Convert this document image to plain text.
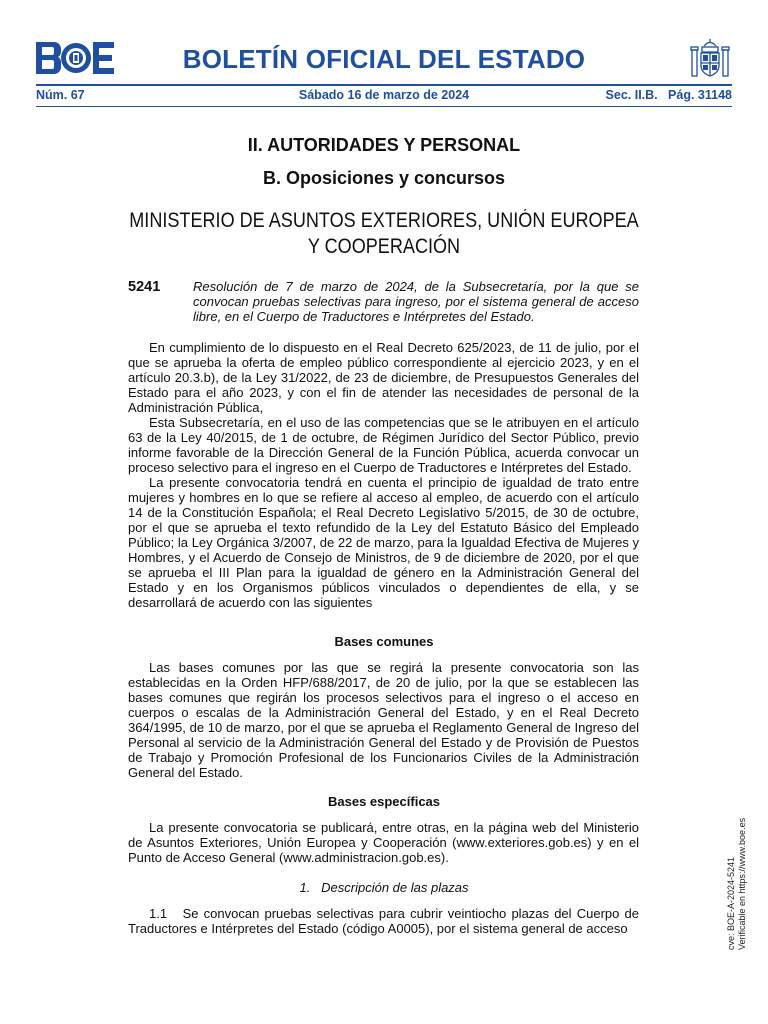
BOLETÍN OFICIAL DEL ESTADO
Núm. 67	Sábado 16 de marzo de 2024	Sec. II.B.   Pág. 31148
II. AUTORIDADES Y PERSONAL
B. Oposiciones y concursos
MINISTERIO DE ASUNTOS EXTERIORES, UNIÓN EUROPEA
Y COOPERACIÓN
5241	Resolución de 7 de marzo de 2024, de la Subsecretaría, por la que se convocan pruebas selectivas para ingreso, por el sistema general de acceso libre, en el Cuerpo de Traductores e Intérpretes del Estado.

En cumplimiento de lo dispuesto en el Real Decreto 625/2023, de 11 de julio, por el que se aprueba la oferta de empleo público correspondiente al ejercicio 2023, y en el artículo 20.3.b), de la Ley 31/2022, de 23 de diciembre, de Presupuestos Generales del Estado para el año 2023, y con el fin de atender las necesidades de personal de la Administración Pública,

Esta Subsecretaría, en el uso de las competencias que se le atribuyen en el artículo 63 de la Ley 40/2015, de 1 de octubre, de Régimen Jurídico del Sector Público, previo informe favorable de la Dirección General de la Función Pública, acuerda convocar un proceso selectivo para el ingreso en el Cuerpo de Traductores e Intérpretes del Estado.

La presente convocatoria tendrá en cuenta el principio de igualdad de trato entre mujeres y hombres en lo que se refiere al acceso al empleo, de acuerdo con el artículo 14 de la Constitución Española; el Real Decreto Legislativo 5/2015, de 30 de octubre, por el que se aprueba el texto refundido de la Ley del Estatuto Básico del Empleado Público; la Ley Orgánica 3/2007, de 22 de marzo, para la Igualdad Efectiva de Mujeres y Hombres, y el Acuerdo de Consejo de Ministros, de 9 de diciembre de 2020, por el que se aprueba el III Plan para la igualdad de género en la Administración General del Estado y en los Organismos públicos vinculados o dependientes de ella, y se desarrollará de acuerdo con las siguientes

Bases comunes

Las bases comunes por las que se regirá la presente convocatoria son las establecidas en la Orden HFP/688/2017, de 20 de julio, por la que se establecen las bases comunes que regirán los procesos selectivos para el ingreso o el acceso en cuerpos o escalas de la Administración General del Estado, y en el Real Decreto 364/1995, de 10 de marzo, por el que se aprueba el Reglamento General de Ingreso del Personal al servicio de la Administración General del Estado y de Provisión de Puestos de Trabajo y Promoción Profesional de los Funcionarios Civiles de la Administración General del Estado.

Bases específicas

La presente convocatoria se publicará, entre otras, en la página web del Ministerio de Asuntos Exteriores, Unión Europea y Cooperación (www.exteriores.gob.es) y en el Punto de Acceso General (www.administracion.gob.es).

1.   Descripción de las plazas

1.1   Se convocan pruebas selectivas para cubrir veintiocho plazas del Cuerpo de Traductores e Intérpretes del Estado (código A0005), por el sistema general de acceso	cve: BOE-A-2024-5241 Verificable en https://www.boe.es
